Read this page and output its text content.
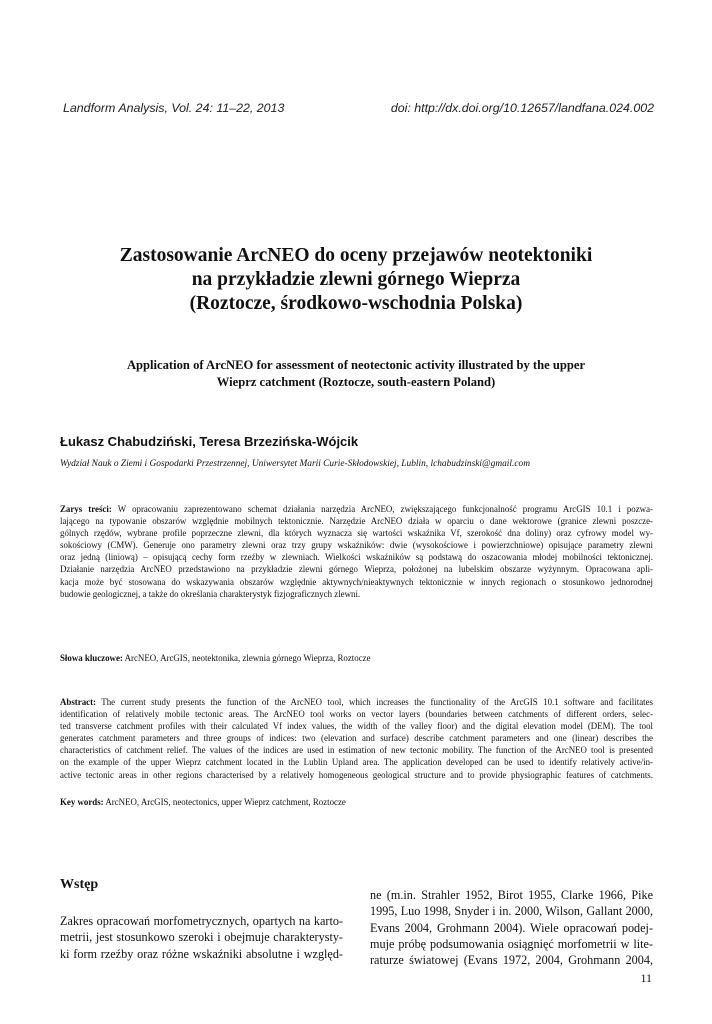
Landform Analysis, Vol. 24: 11–22, 2013	doi: http://dx.doi.org/10.12657/landfana.024.002
Zastosowanie ArcNEO do oceny przejawów neotektoniki
na przykładzie zlewni górnego Wieprza
(Roztocze, środkowo-wschodnia Polska)
Application of ArcNEO for assessment of neotectonic activity illustrated by the upper
Wieprz catchment (Roztocze, south-eastern Poland)
Łukasz Chabudziński, Teresa Brzezińska-Wójcik
Wydział Nauk o Ziemi i Gospodarki Przestrzennej, Uniwersytet Marii Curie-Skłodowskiej, Lublin, lchabudzinski@gmail.com
Zarys treści: W opracowaniu zaprezentowano schemat działania narzędzia ArcNEO, zwiększającego funkcjonalność programu ArcGIS 10.1 i pozwa-
lającego na typowanie obszarów względnie mobilnych tektonicznie. Narzędzie ArcNEO działa w oparciu o dane wektorowe (granice zlewni poszcze-
gólnych rzędów, wybrane profile poprzeczne zlewni, dla których wyznacza się wartości wskaźnika Vf, szerokość dna doliny) oraz cyfrowy model wy-
sokościowy (CMW). Generuje ono parametry zlewni oraz trzy grupy wskaźników: dwie (wysokościowe i powierzchniowe) opisujące parametry zlewni
oraz jedną (liniową) – opisującą cechy form rzeźby w zlewniach. Wielkości wskaźników są podstawą do oszacowania młodej mobilności tektonicznej.
Działanie narzędzia ArcNEO przedstawiono na przykładzie zlewni górnego Wieprza, położonej na lubelskim obszarze wyżynnym. Opracowana apli-
kacja może być stosowana do wskazywania obszarów względnie aktywnych/nieaktywnych tektonicznie w innych regionach o stosunkowo jednorodnej
budowie geologicznej, a także do określania charakterystyk fizjograficznych zlewni.
Słowa kluczowe: ArcNEO, ArcGIS, neotektonika, zlewnia górnego Wieprza, Roztocze
Abstract: The current study presents the function of the ArcNEO tool, which increases the functionality of the ArcGIS 10.1 software and facilitates
identification of relatively mobile tectonic areas. The ArcNEO tool works on vector layers (boundaries between catchments of different orders, selec-
ted transverse catchment profiles with their calculated Vf index values, the width of the valley floor) and the digital elevation model (DEM). The tool
generates catchment parameters and three groups of indices: two (elevation and surface) describe catchment parameters and one (linear) describes the
characteristics of catchment relief. The values of the indices are used in estimation of new tectonic mobility. The function of the ArcNEO tool is presented
on the example of the upper Wieprz catchment located in the Lublin Upland area. The application developed can be used to identify relatively active/in-
active tectonic areas in other regions characterised by a relatively homogeneous geological structure and to provide physiographic features of catchments.
Key words: ArcNEO, ArcGIS, neotectonics, upper Wieprz catchment, Roztocze
Wstęp
Zakres opracowań morfometrycznych, opartych na karto-
metrii, jest stosunkowo szeroki i obejmuje charakterysty-
ki form rzeźby oraz różne wskaźniki absolutne i względ-
ne (m.in. Strahler 1952, Birot 1955, Clarke 1966, Pike
1995, Luo 1998, Snyder i in. 2000, Wilson, Gallant 2000,
Evans 2004, Grohmann 2004). Wiele opracowań podej-
muje próbę podsumowania osiągnięć morfometrii w lite-
raturze światowej (Evans 1972, 2004, Grohmann 2004,
11
